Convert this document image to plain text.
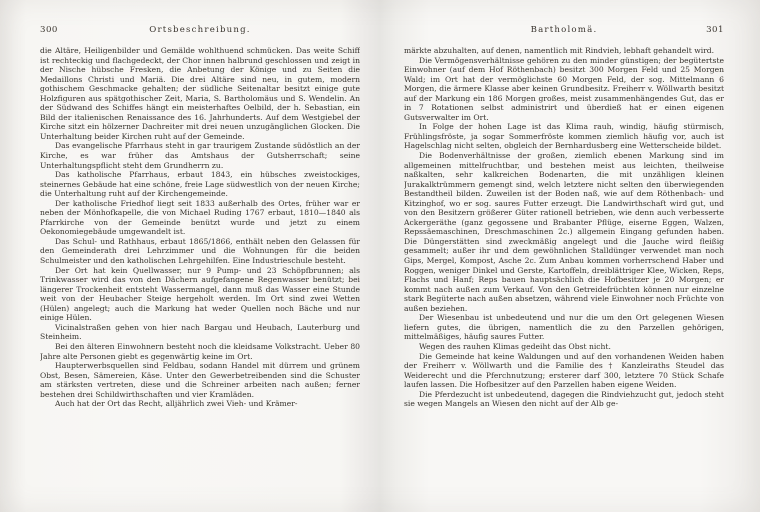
300	Ortsbeschreibung.

die Altäre, Heiligenbilder und Gemälde wohlthuend schmücken. Das weite Schiff ist rechteckig und flachgedeckt, der Chor innen halbrund geschlossen und zeigt in der Nische hübsche Fresken, die Anbetung der Könige und zu Seiten die Medaillons Christi und Mariä. Die drei Altäre sind neu, in gutem, modern gothischem Geschmacke gehalten; der südliche Seitenaltar besitzt einige gute Holzfiguren aus spätgothischer Zeit, Maria, S. Bartholomäus und S. Wendelin. An der Südwand des Schiffes hängt ein meisterhaftes Oelbild, der h. Sebastian, ein Bild der italienischen Renaissance des 16. Jahrhunderts. Auf dem Westgiebel der Kirche sitzt ein hölzerner Dachreiter mit drei neuen unzugänglichen Glocken. Die Unterhaltung beider Kirchen ruht auf der Gemeinde.

Das evangelische Pfarrhaus steht in gar traurigem Zustande südöstlich an der Kirche, es war früher das Amtshaus der Gutsherrschaft; seine Unterhaltungspflicht steht dem Grundherrn zu.

Das katholische Pfarrhaus, erbaut 1843, ein hübsches zweistockiges, steinernes Gebäude hat eine schöne, freie Lage südwestlich von der neuen Kirche; die Unterhaltung ruht auf der Kirchengemeinde.

Der katholische Friedhof liegt seit 1833 außerhalb des Ortes, früher war er neben der Mönhofkapelle, die von Michael Ruding 1767 erbaut, 1810—1840 als Pfarrkirche von der Gemeinde benützt wurde und jetzt zu einem Oekonomiegebäude umgewandelt ist.

Das Schul- und Rathhaus, erbaut 1865/1866, enthält neben den Gelassen für den Gemeinderath drei Lehrzimmer und die Wohnungen für die beiden Schulmeister und den katholischen Lehrgehilfen. Eine Industrieschule besteht.

Der Ort hat kein Quellwasser, nur 9 Pump- und 23 Schöpfbrunnen; als Trinkwasser wird das von den Dächern aufgefangene Regenwasser benützt; bei längerer Trockenheit entsteht Wassermangel, dann muß das Wasser eine Stunde weit von der Heubacher Steige hergeholt werden. Im Ort sind zwei Wetten (Hülen) angelegt; auch die Markung hat weder Quellen noch Bäche und nur einige Hülen.

Vicinalstraßen gehen von hier nach Bargau und Heubach, Lauterburg und Steinheim.

Bei den älteren Einwohnern besteht noch die kleidsame Volkstracht. Ueber 80 Jahre alte Personen giebt es gegenwärtig keine im Ort.

Haupterwerbsquellen sind Feldbau, sodann Handel mit dürrem und grünem Obst, Besen, Sämereien, Käse. Unter den Gewerbetreibenden sind die Schuster am stärksten vertreten, diese und die Schreiner arbeiten nach außen; ferner bestehen drei Schildwirthschaften und vier Kramläden.

Auch hat der Ort das Recht, alljährlich zwei Vieh- und Krämer-

Bartholomä.	301

märkte abzuhalten, auf denen, namentlich mit Rindvieh, lebhaft gehandelt wird.

Die Vermögensverhältnisse gehören zu den minder günstigen; der begütertste Einwohner (auf dem Hof Röthenbach) besitzt 300 Morgen Feld und 25 Morgen Wald; im Ort hat der vermöglichste 60 Morgen Feld, der sog. Mittelmann 6 Morgen, die ärmere Klasse aber keinen Grundbesitz. Freiherr v. Wöllwarth besitzt auf der Markung ein 186 Morgen großes, meist zusammenhängendes Gut, das er in 7 Rotationen selbst administrirt und überdieß hat er einen eigenen Gutsverwalter im Ort.

In Folge der hohen Lage ist das Klima rauh, windig, häufig stürmisch, Frühlingsfröste, ja sogar Sommerfröste kommen ziemlich häufig vor, auch ist Hagelschlag nicht selten, obgleich der Bernhardusberg eine Wetterscheide bildet.

Die Bodenverhältnisse der großen, ziemlich ebenen Markung sind im allgemeinen mittelfruchtbar, und bestehen meist aus leichten, theilweise naßkalten, sehr kalkreichen Bodenarten, die mit unzähligen kleinen Jurakalktrümmern gemengt sind, welch letztere nicht selten den überwiegenden Bestandtheil bilden. Zuweilen ist der Boden naß, wie auf dem Röthenbach- und Kitzinghof, wo er sog. saures Futter erzeugt. Die Landwirthschaft wird gut, und von den Besitzern größerer Güter rationell betrieben, wie denn auch verbesserte Ackergeräthe (ganz gegossene und Brabanter Pflüge, eiserne Eggen, Walzen, Repssäemaschinen, Dreschmaschinen 2c.) allgemein Eingang gefunden haben. Die Düngerstätten sind zweckmäßig angelegt und die Jauche wird fleißig gesammelt; außer ihr und dem gewöhnlichen Stalldünger verwendet man noch Gips, Mergel, Kompost, Asche 2c. Zum Anbau kommen vorherrschend Haber und Roggen, weniger Dinkel und Gerste, Kartoffeln, dreiblättriger Klee, Wicken, Reps, Flachs und Hanf; Reps bauen hauptsächlich die Hofbesitzer je 20 Morgen; er kommt nach außen zum Verkauf. Von den Getreidefrüchten können nur einzelne stark Begüterte nach außen absetzen, während viele Einwohner noch Früchte von außen beziehen.

Der Wiesenbau ist unbedeutend und nur die um den Ort gelegenen Wiesen liefern gutes, die übrigen, namentlich die zu den Parzellen gehörigen, mittelmäßiges, häufig saures Futter.

Wegen des rauhen Klimas gedeiht das Obst nicht.

Die Gemeinde hat keine Waldungen und auf den vorhandenen Weiden haben der Freiherr v. Wöllwarth und die Familie des † Kanzleiraths Steudel das Weiderecht und die Pferchnutzung; ersterer darf 300, letztere 70 Stück Schafe laufen lassen. Die Hofbesitzer auf den Parzellen haben eigene Weiden.

Die Pferdezucht ist unbedeutend, dagegen die Rindviehzucht gut, jedoch steht sie wegen Mangels an Wiesen den nicht auf der Alb ge-
